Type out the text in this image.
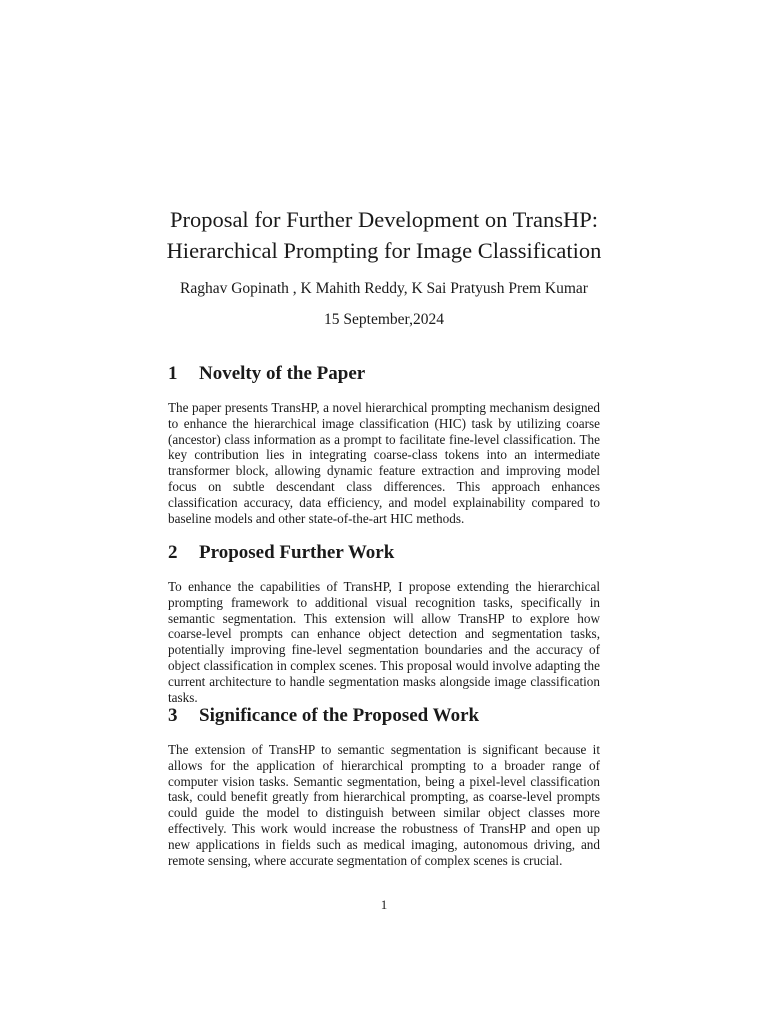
Proposal for Further Development on TransHP:
Hierarchical Prompting for Image Classification
Raghav Gopinath , K Mahith Reddy, K Sai Pratyush Prem Kumar
15 September,2024
1 Novelty of the Paper

The paper presents TransHP, a novel hierarchical prompting mechanism designed to enhance the hierarchical image classification (HIC) task by utilizing coarse (ancestor) class information as a prompt to facilitate fine-level classification. The key contribution lies in integrating coarse-class tokens into an intermediate transformer block, allowing dynamic feature extraction and improving model focus on subtle descendant class differences. This approach enhances classification accuracy, data efficiency, and model explainability compared to baseline models and other state-of-the-art HIC methods.

2 Proposed Further Work

To enhance the capabilities of TransHP, I propose extending the hierarchical prompting framework to additional visual recognition tasks, specifically in semantic segmentation. This extension will allow TransHP to explore how coarse-level prompts can enhance object detection and segmentation tasks, potentially improving fine-level segmentation boundaries and the accuracy of object classification in complex scenes. This proposal would involve adapting the current architecture to handle segmentation masks alongside image classification tasks.

3 Significance of the Proposed Work

The extension of TransHP to semantic segmentation is significant because it allows for the application of hierarchical prompting to a broader range of computer vision tasks. Semantic segmentation, being a pixel-level classification task, could benefit greatly from hierarchical prompting, as coarse-level prompts could guide the model to distinguish between similar object classes more effectively. This work would increase the robustness of TransHP and open up new applications in fields such as medical imaging, autonomous driving, and remote sensing, where accurate segmentation of complex scenes is crucial.

1
